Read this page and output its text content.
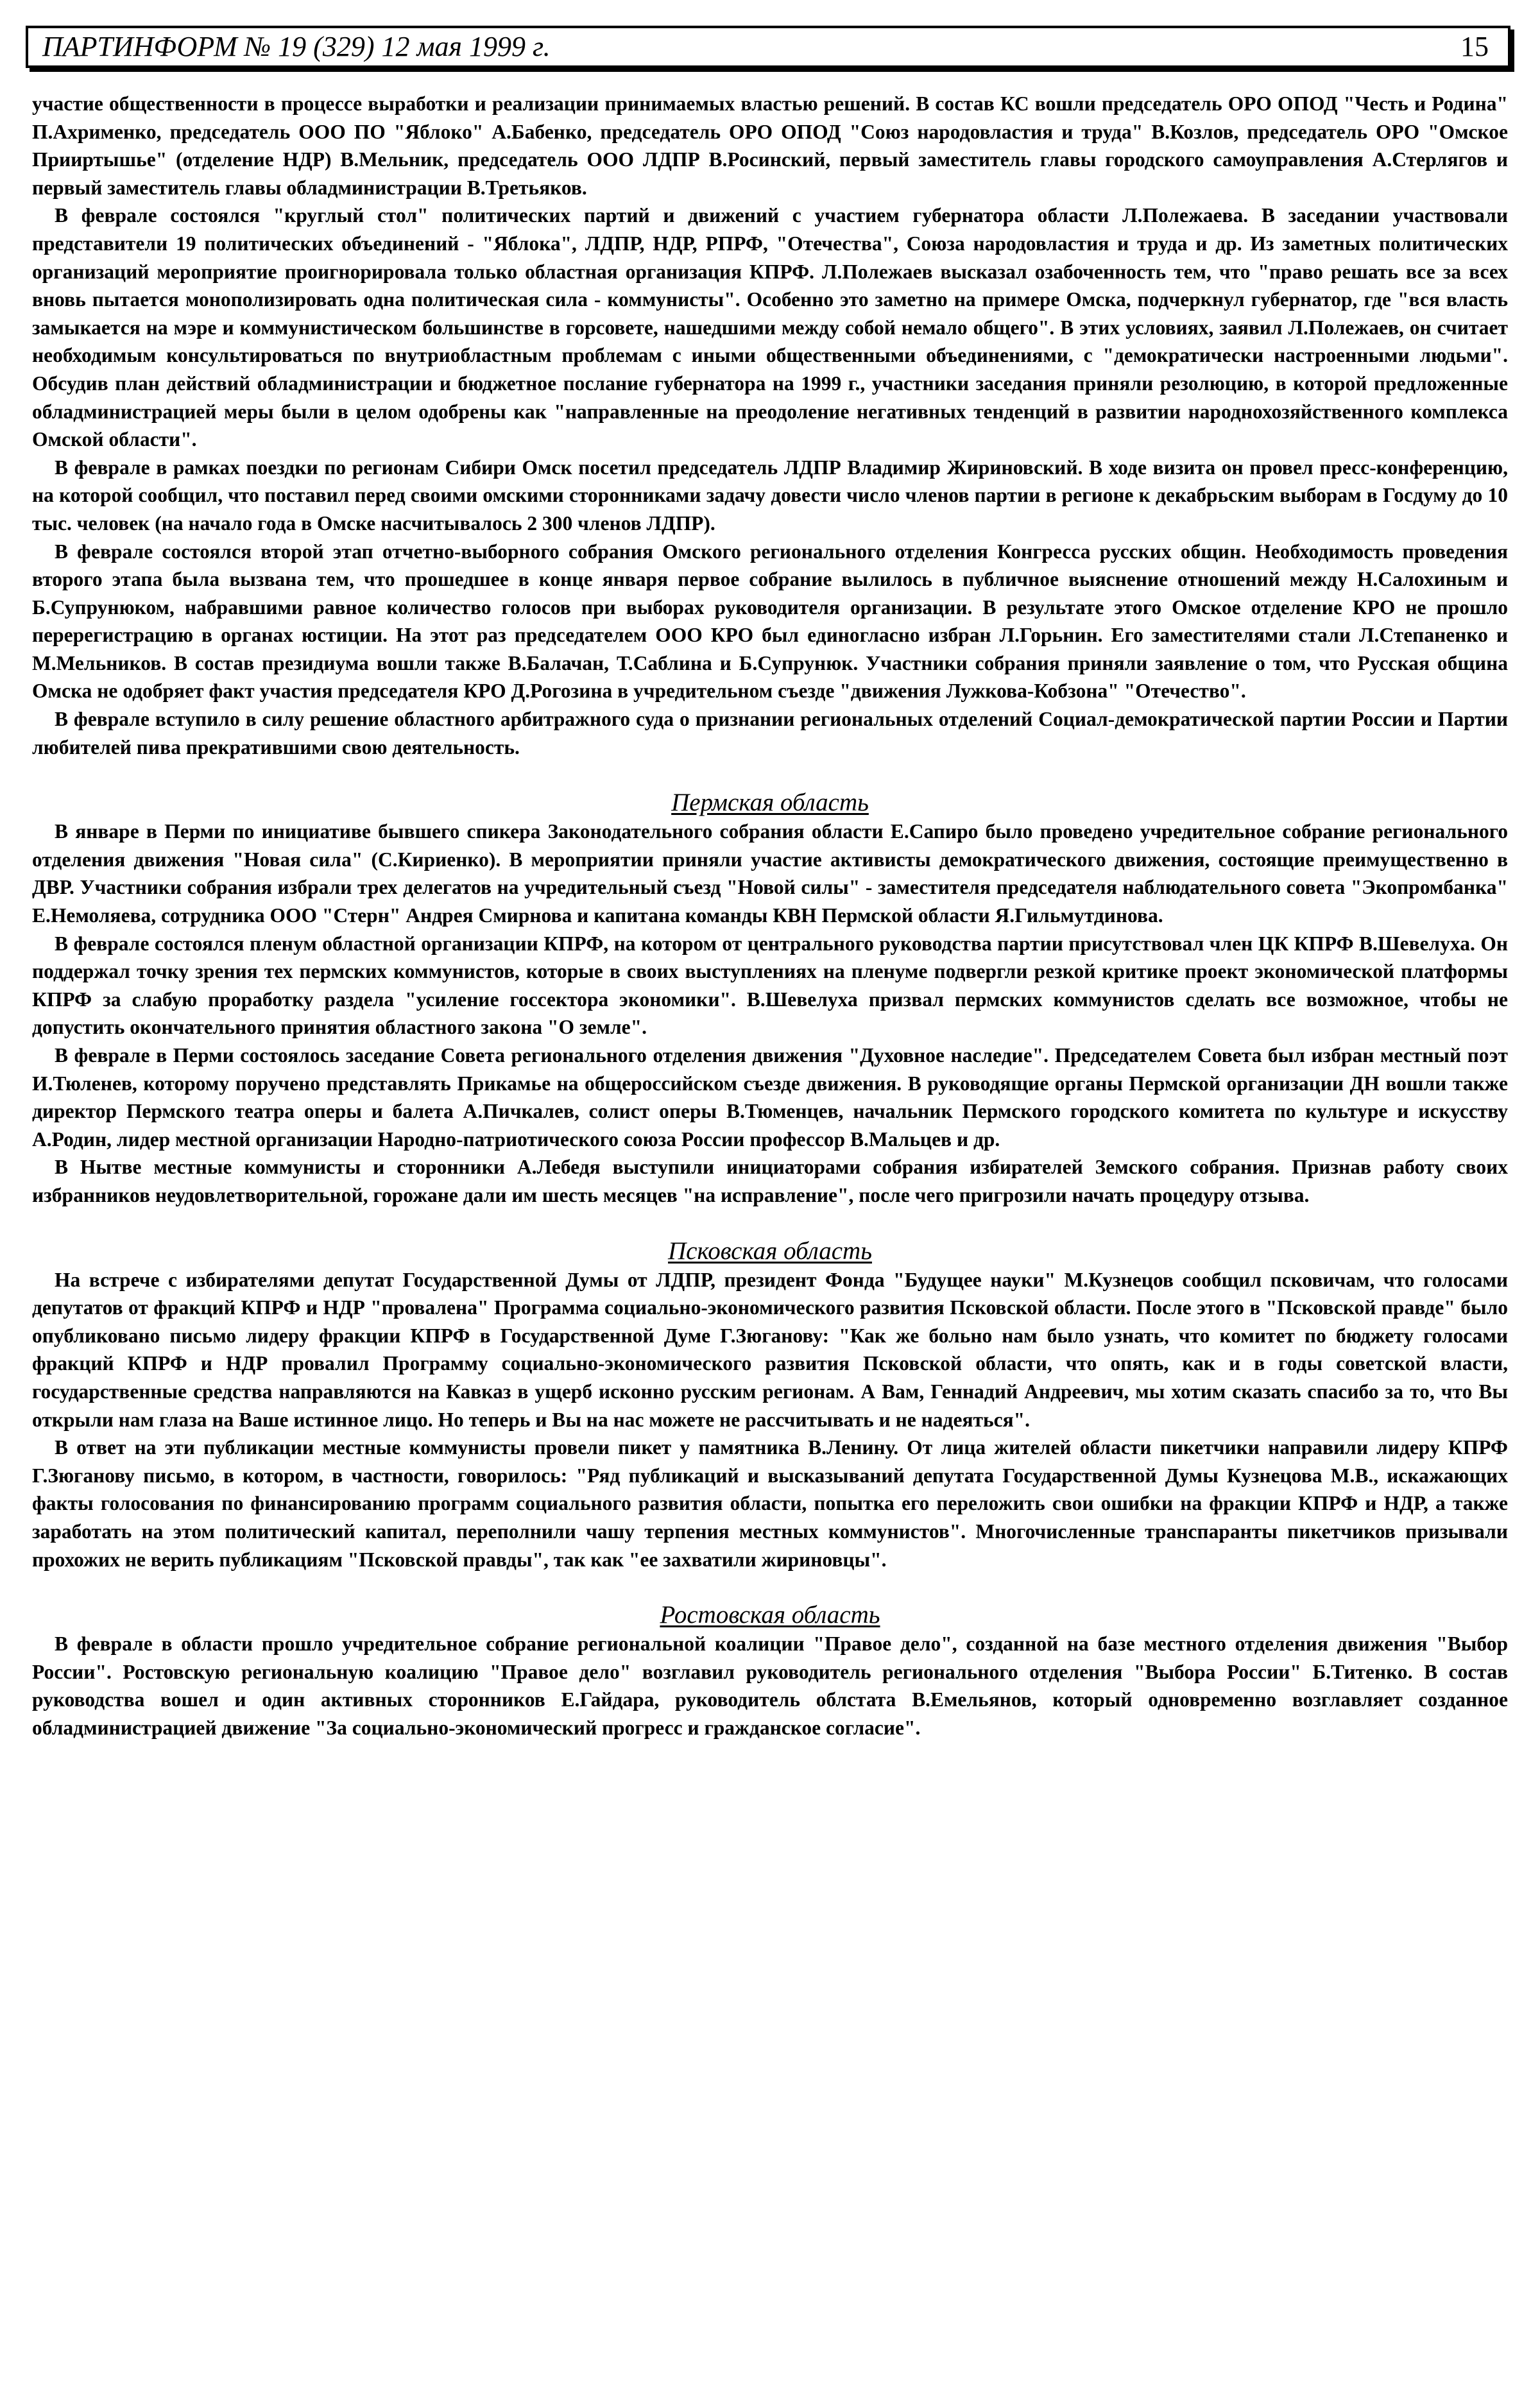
ПАРТИНФОРМ № 19 (329) 12 мая 1999 г.	15

участие общественности в процессе выработки и реализации принимаемых властью решений. В состав КС вошли председатель ОРО ОПОД "Честь и Родина" П.Ахрименко, председатель ООО ПО "Яблоко" А.Бабенко, председатель ОРО ОПОД "Союз народовластия и труда" В.Козлов, председатель ОРО "Омское Прииртышье" (отделение НДР) В.Мельник, председатель ООО ЛДПР В.Росинский, первый заместитель главы городского самоуправления А.Стерлягов и первый заместитель главы обладминистрации В.Третьяков.

В феврале состоялся "круглый стол" политических партий и движений с участием губернатора области Л.Полежаева. В заседании участвовали представители 19 политических объединений - "Яблока", ЛДПР, НДР, РПРФ, "Отечества", Союза народовластия и труда и др. Из заметных политических организаций мероприятие проигнорировала только областная организация КПРФ. Л.Полежаев высказал озабоченность тем, что "право решать все за всех вновь пытается монополизировать одна политическая сила - коммунисты". Особенно это заметно на примере Омска, подчеркнул губернатор, где "вся власть замыкается на мэре и коммунистическом большинстве в горсовете, нашедшими между собой немало общего". В этих условиях, заявил Л.Полежаев, он считает необходимым консультироваться по внутриобластным проблемам с иными общественными объединениями, с "демократически настроенными людьми". Обсудив план действий обладминистрации и бюджетное послание губернатора на 1999 г., участники заседания приняли резолюцию, в которой предложенные обладминистрацией меры были в целом одобрены как "направленные на преодоление негативных тенденций в развитии народнохозяйственного комплекса Омской области".

В феврале в рамках поездки по регионам Сибири Омск посетил председатель ЛДПР Владимир Жириновский. В ходе визита он провел пресс-конференцию, на которой сообщил, что поставил перед своими омскими сторонниками задачу довести число членов партии в регионе к декабрьским выборам в Госдуму до 10 тыс. человек (на начало года в Омске насчитывалось 2 300 членов ЛДПР).

В феврале состоялся второй этап отчетно-выборного собрания Омского регионального отделения Конгресса русских общин. Необходимость проведения второго этапа была вызвана тем, что прошедшее в конце января первое собрание вылилось в публичное выяснение отношений между Н.Салохиным и Б.Супрунюком, набравшими равное количество голосов при выборах руководителя организации. В результате этого Омское отделение КРО не прошло перерегистрацию в органах юстиции. На этот раз председателем ООО КРО был единогласно избран Л.Горьнин. Его заместителями стали Л.Степаненко и М.Мельников. В состав президиума вошли также В.Балачан, Т.Саблина и Б.Супрунюк. Участники собрания приняли заявление о том, что Русская община Омска не одобряет факт участия председателя КРО Д.Рогозина в учредительном съезде "движения Лужкова-Кобзона" "Отечество".

В феврале вступило в силу решение областного арбитражного суда о признании региональных отделений Социал-демократической партии России и Партии любителей пива прекратившими свою деятельность.

Пермская область

В январе в Перми по инициативе бывшего спикера Законодательного собрания области Е.Сапиро было проведено учредительное собрание регионального отделения движения "Новая сила" (С.Кириенко). В мероприятии приняли участие активисты демократического движения, состоящие преимущественно в ДВР. Участники собрания избрали трех делегатов на учредительный съезд "Новой силы" - заместителя председателя наблюдательного совета "Экопромбанка" Е.Немоляева, сотрудника ООО "Стерн" Андрея Смирнова и капитана команды КВН Пермской области Я.Гильмутдинова.

В феврале состоялся пленум областной организации КПРФ, на котором от центрального руководства партии присутствовал член ЦК КПРФ В.Шевелуха. Он поддержал точку зрения тех пермских коммунистов, которые в своих выступлениях на пленуме подвергли резкой критике проект экономической платформы КПРФ за слабую проработку раздела "усиление госсектора экономики". В.Шевелуха призвал пермских коммунистов сделать все возможное, чтобы не допустить окончательного принятия областного закона "О земле".

В феврале в Перми состоялось заседание Совета регионального отделения движения "Духовное наследие". Председателем Совета был избран местный поэт И.Тюленев, которому поручено представлять Прикамье на общероссийском съезде движения. В руководящие органы Пермской организации ДН вошли также директор Пермского театра оперы и балета А.Пичкалев, солист оперы В.Тюменцев, начальник Пермского городского комитета по культуре и искусству А.Родин, лидер местной организации Народно-патриотического союза России профессор В.Мальцев и др.

В Нытве местные коммунисты и сторонники А.Лебедя выступили инициаторами собрания избирателей Земского собрания. Признав работу своих избранников неудовлетворительной, горожане дали им шесть месяцев "на исправление", после чего пригрозили начать процедуру отзыва.

Псковская область

На встрече с избирателями депутат Государственной Думы от ЛДПР, президент Фонда "Будущее науки" М.Кузнецов сообщил псковичам, что голосами депутатов от фракций КПРФ и НДР "провалена" Программа социально-экономического развития Псковской области. После этого в "Псковской правде" было опубликовано письмо лидеру фракции КПРФ в Государственной Думе Г.Зюганову: "Как же больно нам было узнать, что комитет по бюджету голосами фракций КПРФ и НДР провалил Программу социально-экономического развития Псковской области, что опять, как и в годы советской власти, государственные средства направляются на Кавказ в ущерб исконно русским регионам. А Вам, Геннадий Андреевич, мы хотим сказать спасибо за то, что Вы открыли нам глаза на Ваше истинное лицо. Но теперь и Вы на нас можете не рассчитывать и не надеяться".

В ответ на эти публикации местные коммунисты провели пикет у памятника В.Ленину. От лица жителей области пикетчики направили лидеру КПРФ Г.Зюганову письмо, в котором, в частности, говорилось: "Ряд публикаций и высказываний депутата Государственной Думы Кузнецова М.В., искажающих факты голосования по финансированию программ социального развития области, попытка его переложить свои ошибки на фракции КПРФ и НДР, а также заработать на этом политический капитал, переполнили чашу терпения местных коммунистов". Многочисленные транспаранты пикетчиков призывали прохожих не верить публикациям "Псковской правды", так как "ее захватили жириновцы".

Ростовская область

В феврале в области прошло учредительное собрание региональной коалиции "Правое дело", созданной на базе местного отделения движения "Выбор России". Ростовскую региональную коалицию "Правое дело" возглавил руководитель регионального отделения "Выбора России" Б.Титенко. В состав руководства вошел и один активных сторонников Е.Гайдара, руководитель облстата В.Емельянов, который одновременно возглавляет созданное обладминистрацией движение "За социально-экономический прогресс и гражданское согласие".
